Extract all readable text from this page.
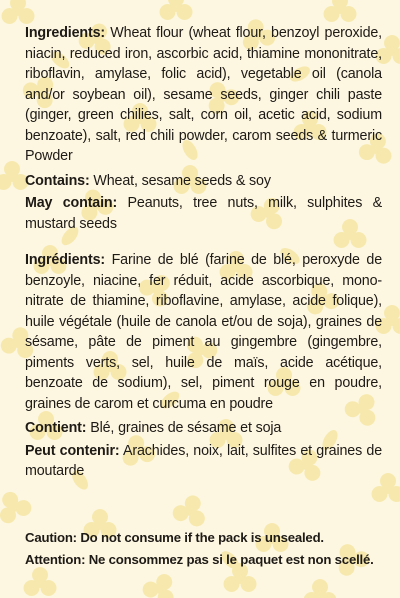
Ingredients: Wheat flour (wheat flour, benzoyl peroxide, niacin, reduced iron, ascorbic acid, thiamine mononitrate, riboflavin, amylase, folic acid), vegetable oil (canola and/or soybean oil), sesame seeds, ginger chili paste (ginger, green chilies, salt, corn oil, acetic acid, sodium benzoate), salt, red chili powder, carom seeds & turmeric Powder

Contains: Wheat, sesame seeds & soy

May contain: Peanuts, tree nuts, milk, sulphites & mustard seeds

Ingrédients: Farine de blé (farine de blé, peroxyde de benzoyle, niacine, fer réduit, acide ascorbique, mono-nitrate de thiamine, riboflavine, amylase, acide folique), huile végétale (huile de canola et/ou de soja), graines de sésame, pâte de piment au gingembre (gingembre, piments verts, sel, huile de maïs, acide acétique, benzoate de sodium), sel, piment rouge en poudre, graines de carom et curcuma en poudre

Contient: Blé, graines de sésame et soja

Peut contenir: Arachides, noix, lait, sulfites et graines de moutarde

Caution: Do not consume if the pack is unsealed.

Attention: Ne consommez pas si le paquet est non scellé.
